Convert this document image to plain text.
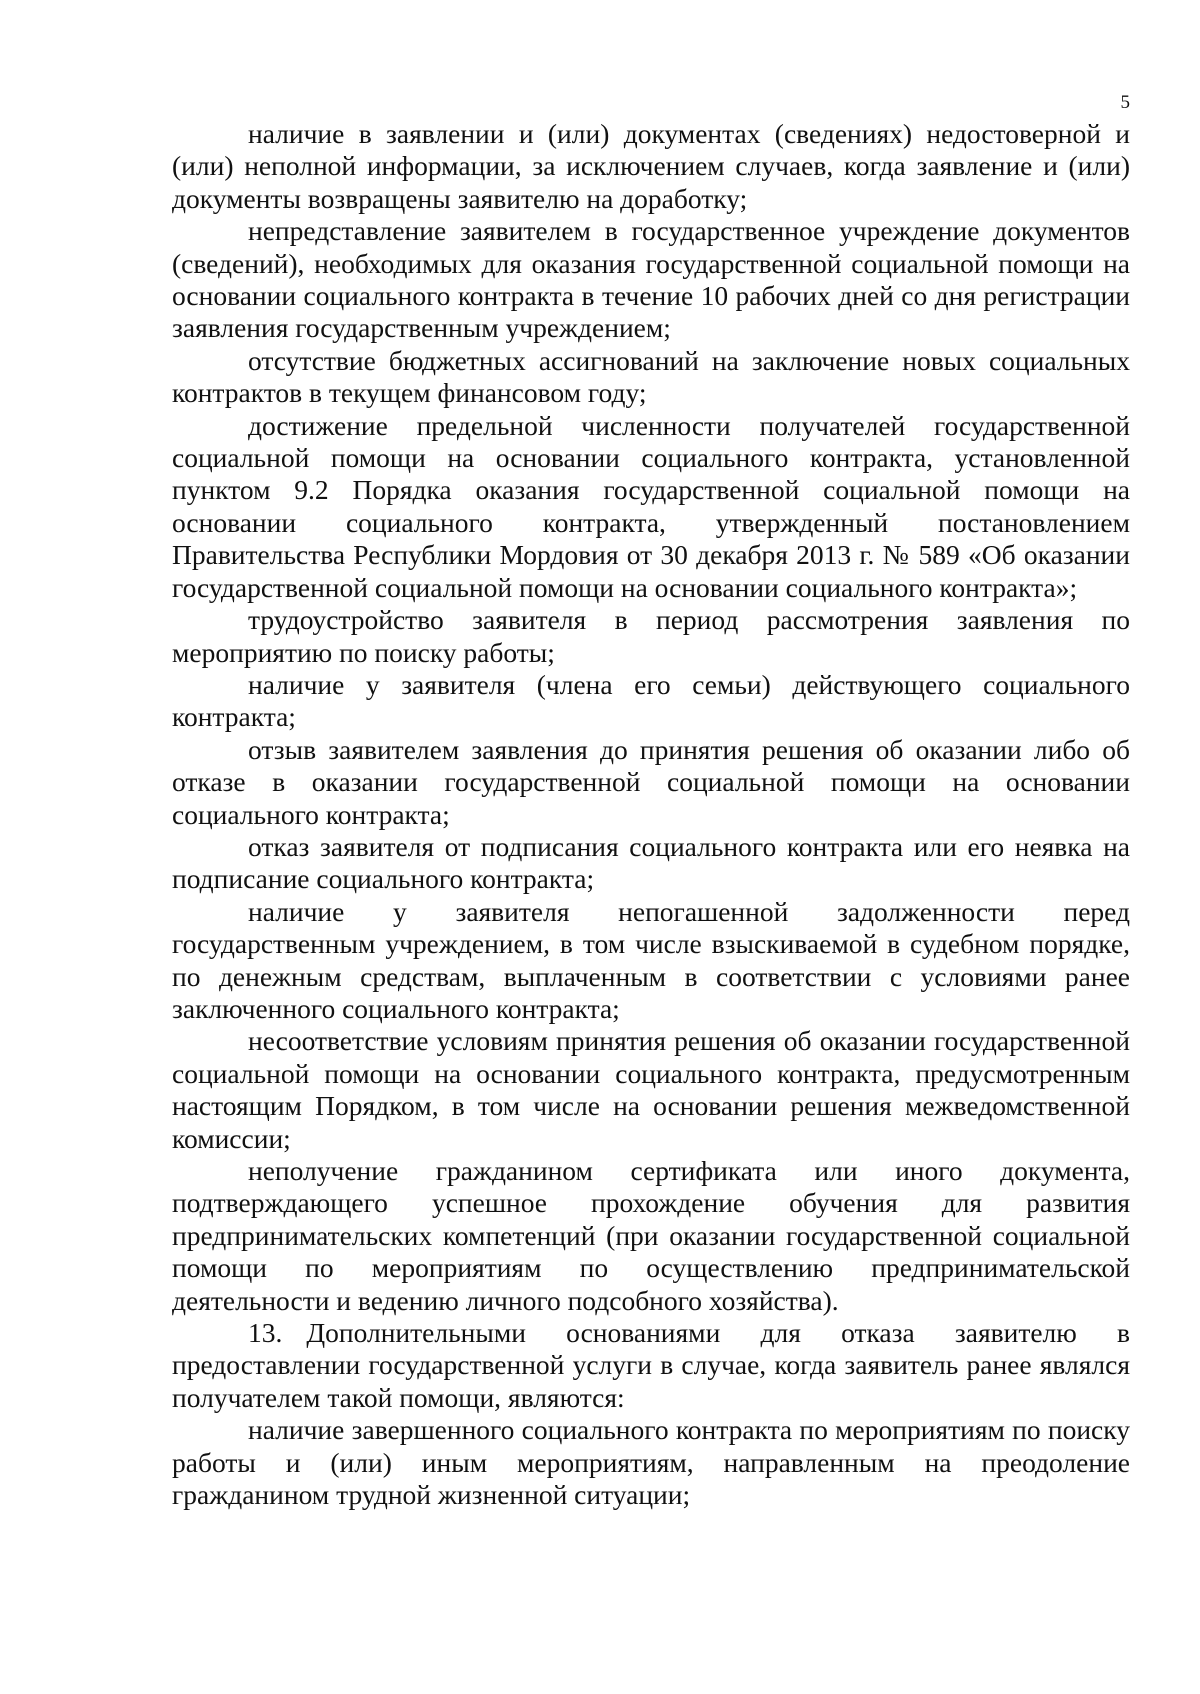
5

наличие в заявлении и (или) документах (сведениях) недостоверной и (или) неполной информации, за исключением случаев, когда заявление и (или) документы возвращены заявителю на доработку;

непредставление заявителем в государственное учреждение документов (сведений), необходимых для оказания государственной социальной помощи на основании социального контракта в течение 10 рабочих дней со дня регистрации заявления государственным учреждением;

отсутствие бюджетных ассигнований на заключение новых социальных контрактов в текущем финансовом году;

достижение предельной численности получателей государственной социальной помощи на основании социального контракта, установленной пунктом 9.2 Порядка оказания государственной социальной помощи на основании социального контракта, утвержденный постановлением Правительства Республики Мордовия от 30 декабря 2013 г. № 589 «Об оказании государственной социальной помощи на основании социального контракта»;

трудоустройство заявителя в период рассмотрения заявления по мероприятию по поиску работы;

наличие у заявителя (члена его семьи) действующего социального контракта;

отзыв заявителем заявления до принятия решения об оказании либо об отказе в оказании государственной социальной помощи на основании социального контракта;

отказ заявителя от подписания социального контракта или его неявка на подписание социального контракта;

наличие у заявителя непогашенной задолженности перед государственным учреждением, в том числе взыскиваемой в судебном порядке, по денежным средствам, выплаченным в соответствии с условиями ранее заключенного социального контракта;

несоответствие условиям принятия решения об оказании государственной социальной помощи на основании социального контракта, предусмотренным настоящим Порядком, в том числе на основании решения межведомственной комиссии;

неполучение гражданином сертификата или иного документа, подтверждающего успешное прохождение обучения для развития предпринимательских компетенций (при оказании государственной социальной помощи по мероприятиям по осуществлению предпринимательской деятельности и ведению личного подсобного хозяйства).

13. Дополнительными основаниями для отказа заявителю в предоставлении государственной услуги в случае, когда заявитель ранее являлся получателем такой помощи, являются:

наличие завершенного социального контракта по мероприятиям по поиску работы и (или) иным мероприятиям, направленным на преодоление гражданином трудной жизненной ситуации;
